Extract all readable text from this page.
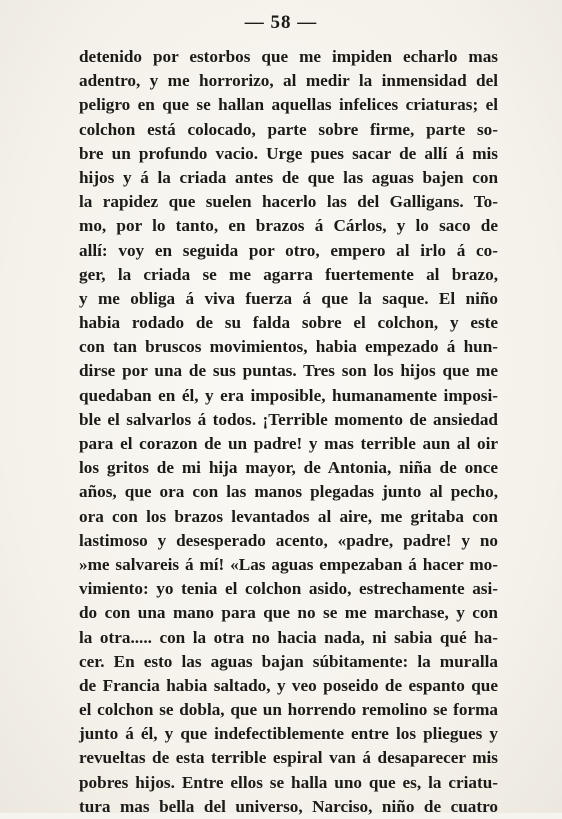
— 58 —
detenido por estorbos que me impiden echarlo mas
adentro, y me horrorizo, al medir la inmensidad del
peligro en que se hallan aquellas infelices criaturas; el
colchon está colocado, parte sobre firme, parte so-
bre un profundo vacio. Urge pues sacar de allí á mis
hijos y á la criada antes de que las aguas bajen con
la rapidez que suelen hacerlo las del Galligans. To-
mo, por lo tanto, en brazos á Cárlos, y lo saco de
allí: voy en seguida por otro, empero al irlo á co-
ger, la criada se me agarra fuertemente al brazo,
y me obliga á viva fuerza á que la saque. El niño
habia rodado de su falda sobre el colchon, y este
con tan bruscos movimientos, habia empezado á hun-
dirse por una de sus puntas. Tres son los hijos que me
quedaban en él, y era imposible, humanamente imposi-
ble el salvarlos á todos. ¡Terrible momento de ansiedad
para el corazon de un padre! y mas terrible aun al oir
los gritos de mi hija mayor, de Antonia, niña de once
años, que ora con las manos plegadas junto al pecho,
ora con los brazos levantados al aire, me gritaba con
lastimoso y desesperado acento, «padre, padre! y no
»me salvareis á mí! «Las aguas empezaban á hacer mo-
vimiento: yo tenia el colchon asido, estrechamente asi-
do con una mano para que no se me marchase, y con
la otra..... con la otra no hacia nada, ni sabia qué ha-
cer. En esto las aguas bajan súbitamente: la muralla
de Francia habia saltado, y veo poseido de espanto que
el colchon se dobla, que un horrendo remolino se forma
junto á él, y que indefectiblemente entre los pliegues y
revueltas de esta terrible espiral van á desaparecer mis
pobres hijos. Entre ellos se halla uno que es, la criatu-
tura mas bella del universo, Narciso, niño de cuatro
